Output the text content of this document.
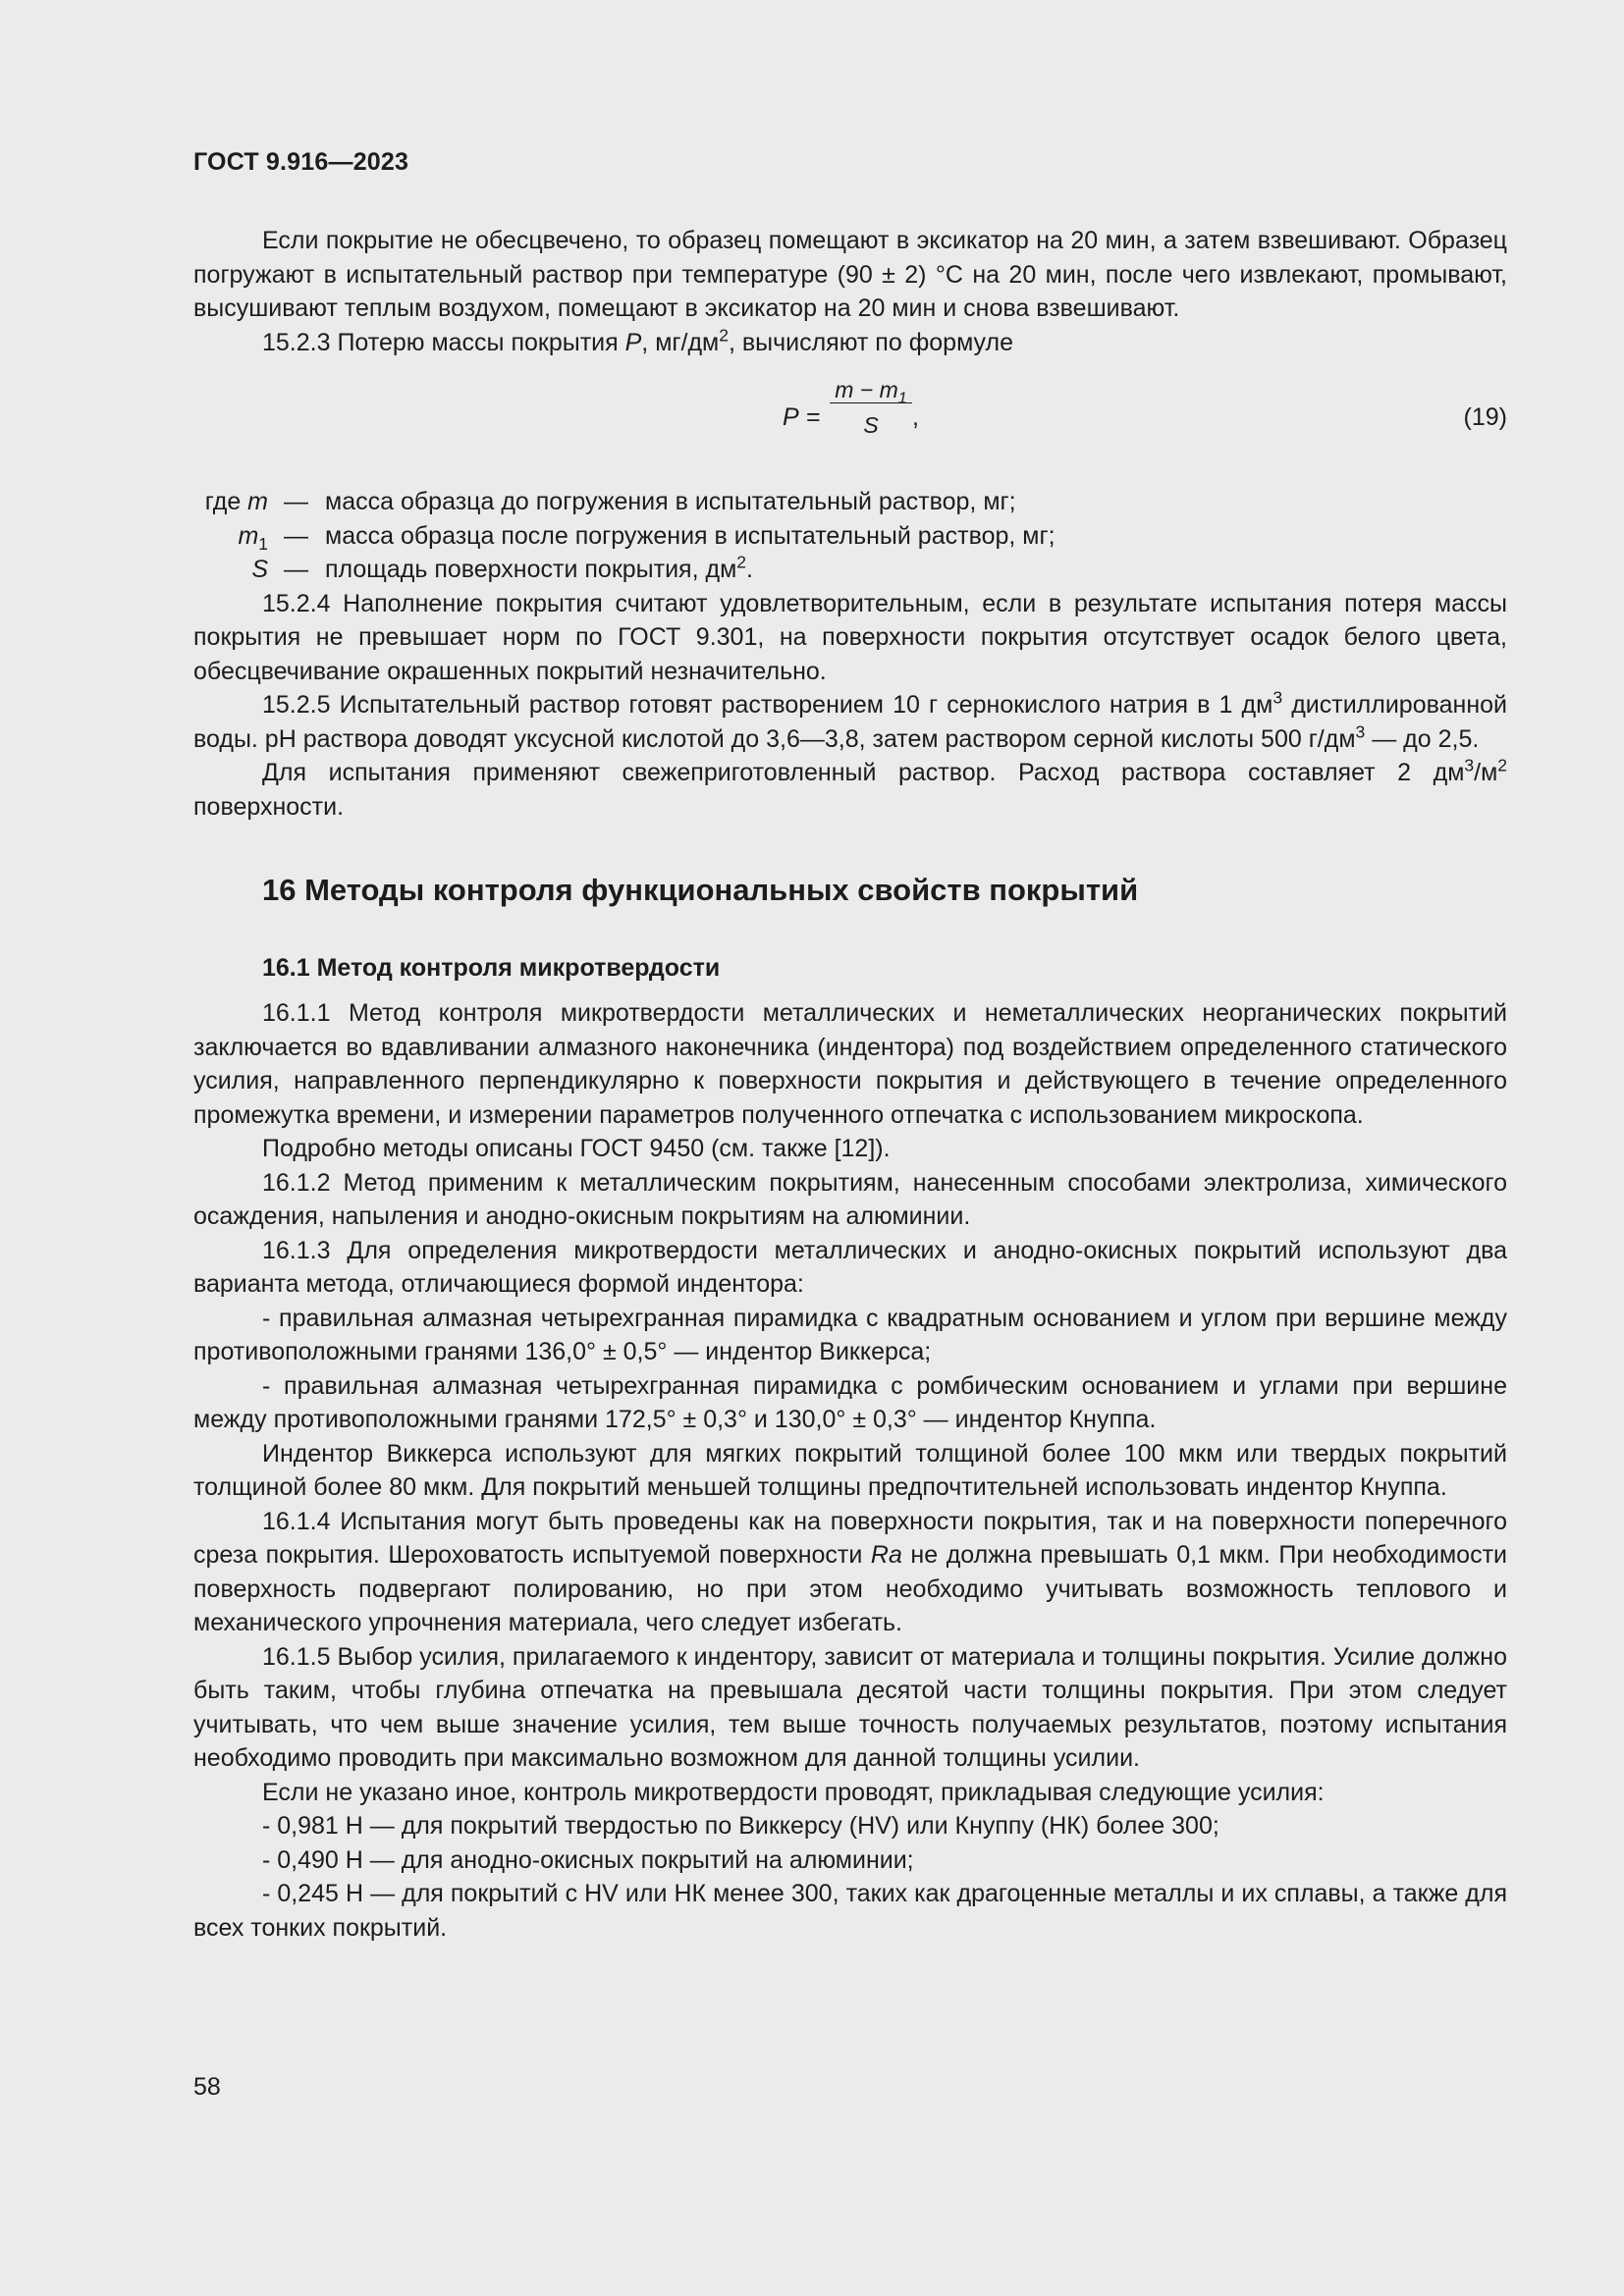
ГОСТ 9.916—2023

Если покрытие не обесцвечено, то образец помещают в эксикатор на 20 мин, а затем взвешивают. Образец погружают в испытательный раствор при температуре (90 ± 2) °С на 20 мин, после чего извлекают, промывают, высушивают теплым воздухом, помещают в эксикатор на 20 мин и снова взвешивают.

15.2.3 Потерю массы покрытия Р, $мг/дм^2$, вычисляют по формуле

P =
$m - m_1$
S	,	(19)
где m — масса образца до погружения в испытательный раствор, мг;
$m_1$ — масса образца после погружения в испытательный раствор, мг;
S — площадь поверхности покрытия, $дм^2$.

15.2.4 Наполнение покрытия считают удовлетворительным, если в результате испытания потеря массы покрытия не превышает норм по ГОСТ 9.301, на поверхности покрытия отсутствует осадок белого цвета, обесцвечивание окрашенных покрытий незначительно.

15.2.5 Испытательный раствор готовят растворением 10 г сернокислого натрия в 1 $дм^3$ дистиллированной воды. рН раствора доводят уксусной кислотой до 3,6—3,8, затем раствором серной кислоты 500 $г/дм^3$ — до 2,5.

Для испытания применяют свежеприготовленный раствор. Расход раствора составляет 2 $дм^3/м^2$ поверхности.

16 Методы контроля функциональных свойств покрытий
16.1 Метод контроля микротвердости

16.1.1 Метод контроля микротвердости металлических и неметаллических неорганических покрытий заключается во вдавливании алмазного наконечника (индентора) под воздействием определенного статического усилия, направленного перпендикулярно к поверхности покрытия и действующего в течение определенного промежутка времени, и измерении параметров полученного отпечатка с использованием микроскопа.

Подробно методы описаны ГОСТ 9450 (см. также [12]).

16.1.2 Метод применим к металлическим покрытиям, нанесенным способами электролиза, химического осаждения, напыления и анодно-окисным покрытиям на алюминии.

16.1.3 Для определения микротвердости металлических и анодно-окисных покрытий используют два варианта метода, отличающиеся формой индентора:

- правильная алмазная четырехгранная пирамидка с квадратным основанием и углом при вершине между противоположными гранями 136,0° ± 0,5° — индентор Виккерса;

- правильная алмазная четырехгранная пирамидка с ромбическим основанием и углами при вершине между противоположными гранями 172,5° ± 0,3° и 130,0° ± 0,3° — индентор Кнуппа.

Индентор Виккерса используют для мягких покрытий толщиной более 100 мкм или твердых покрытий толщиной более 80 мкм. Для покрытий меньшей толщины предпочтительней использовать индентор Кнуппа.

16.1.4 Испытания могут быть проведены как на поверхности покрытия, так и на поверхности поперечного среза покрытия. Шероховатость испытуемой поверхности Ra не должна превышать 0,1 мкм. При необходимости поверхность подвергают полированию, но при этом необходимо учитывать возможность теплового и механического упрочнения материала, чего следует избегать.

16.1.5 Выбор усилия, прилагаемого к индентору, зависит от материала и толщины покрытия. Усилие должно быть таким, чтобы глубина отпечатка на превышала десятой части толщины покрытия. При этом следует учитывать, что чем выше значение усилия, тем выше точность получаемых результатов, поэтому испытания необходимо проводить при максимально возможном для данной толщины усилии.

Если не указано иное, контроль микротвердости проводят, прикладывая следующие усилия:

- 0,981 Н — для покрытий твердостью по Виккерсу (HV) или Кнуппу (НК) более 300;

- 0,490 Н — для анодно-окисных покрытий на алюминии;

- 0,245 Н — для покрытий с HV или НК менее 300, таких как драгоценные металлы и их сплавы, а также для всех тонких покрытий.

58
